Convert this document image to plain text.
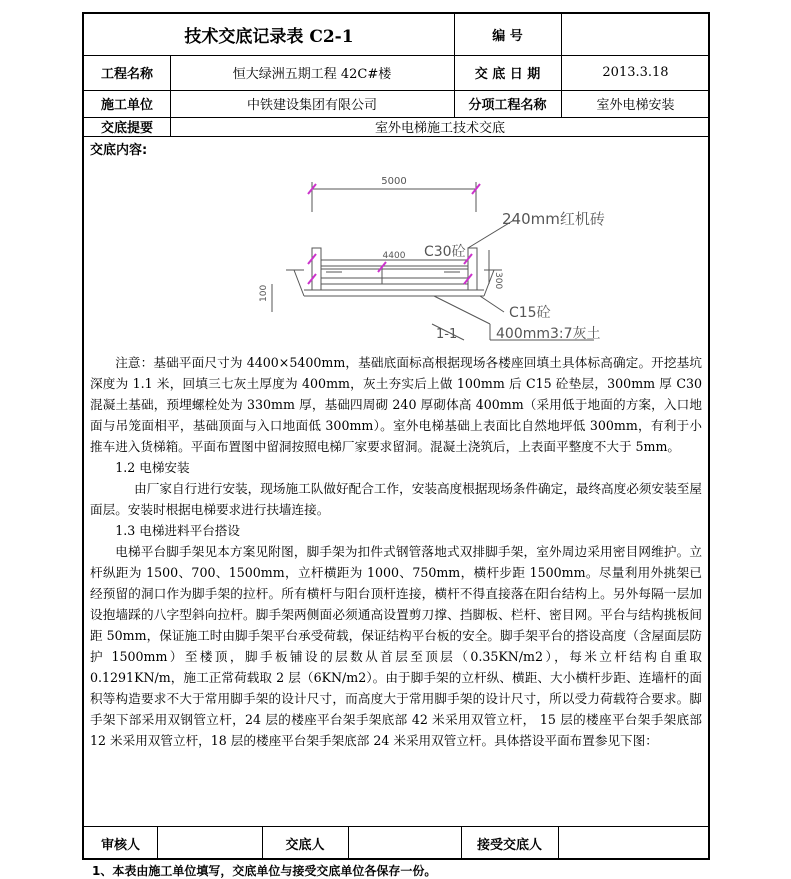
技术交底记录表 C2-1	编 号
工程名称	恒大绿洲五期工程 42C#楼	交 底 日 期	2013.3.18
施工单位	中铁建设集团有限公司	分项工程名称	室外电梯安装
交底提要	室外电梯施工技术交底
交底内容:
5000
4400
240mm红机砖
C30砼
C15砼
400mm3:7灰土
1-1
300
100

注意：基础平面尺寸为 4400×5400mm，基础底面标高根据现场各楼座回填土具体标高确定。开挖基坑深度为 1.1 米，回填三七灰土厚度为 400mm，灰土夯实后上做 100mm 后 C15 砼垫层，300mm 厚 C30 混凝土基础，预埋螺栓处为 330mm 厚，基础四周砌 240 厚砌体高 400mm（采用低于地面的方案，入口地面与吊笼面相平，基础顶面与入口地面低 300mm）。室外电梯基础上表面比自然地坪低 300mm，有利于小推车进入货梯箱。平面布置图中留洞按照电梯厂家要求留洞。混凝土浇筑后，上表面平整度不大于 5mm。

1.2 电梯安装

由厂家自行进行安装，现场施工队做好配合工作，安装高度根据现场条件确定，最终高度必须安装至屋面层。安装时根据电梯要求进行扶墙连接。

1.3 电梯进料平台搭设

电梯平台脚手架见本方案见附图，脚手架为扣件式钢管落地式双排脚手架，室外周边采用密目网维护。立杆纵距为 1500、700、1500mm，立杆横距为 1000、750mm，横杆步距 1500mm。尽量利用外挑架已经预留的洞口作为脚手架的拉杆。所有横杆与阳台顶杆连接，横杆不得直接落在阳台结构上。另外每隔一层加设抱墙踩的八字型斜向拉杆。脚手架两侧面必须通高设置剪刀撑、挡脚板、栏杆、密目网。平台与结构挑板间距 50mm，保证施工时由脚手架平台承受荷载，保证结构平台板的安全。脚手架平台的搭设高度（含屋面层防护 1500mm）至楼顶，脚手板铺设的层数从首层至顶层（0.35KN/m2），每米立杆结构自重取 0.1291KN/m，施工正常荷载取 2 层（6KN/m2）。由于脚手架的立杆纵、横距、大小横杆步距、连墙杆的面积等构造要求不大于常用脚手架的设计尺寸，而高度大于常用脚手架的设计尺寸，所以受力荷载符合要求。脚手架下部采用双钢管立杆，24 层的楼座平台架手架底部 42 米采用双管立杆， 15 层的楼座平台架手架底部 12 米采用双管立杆，18 层的楼座平台架手架底部 24 米采用双管立杆。具体搭设平面布置参见下图：

审核人	交底人	接受交底人
1、本表由施工单位填写，交底单位与接受交底单位各保存一份。
